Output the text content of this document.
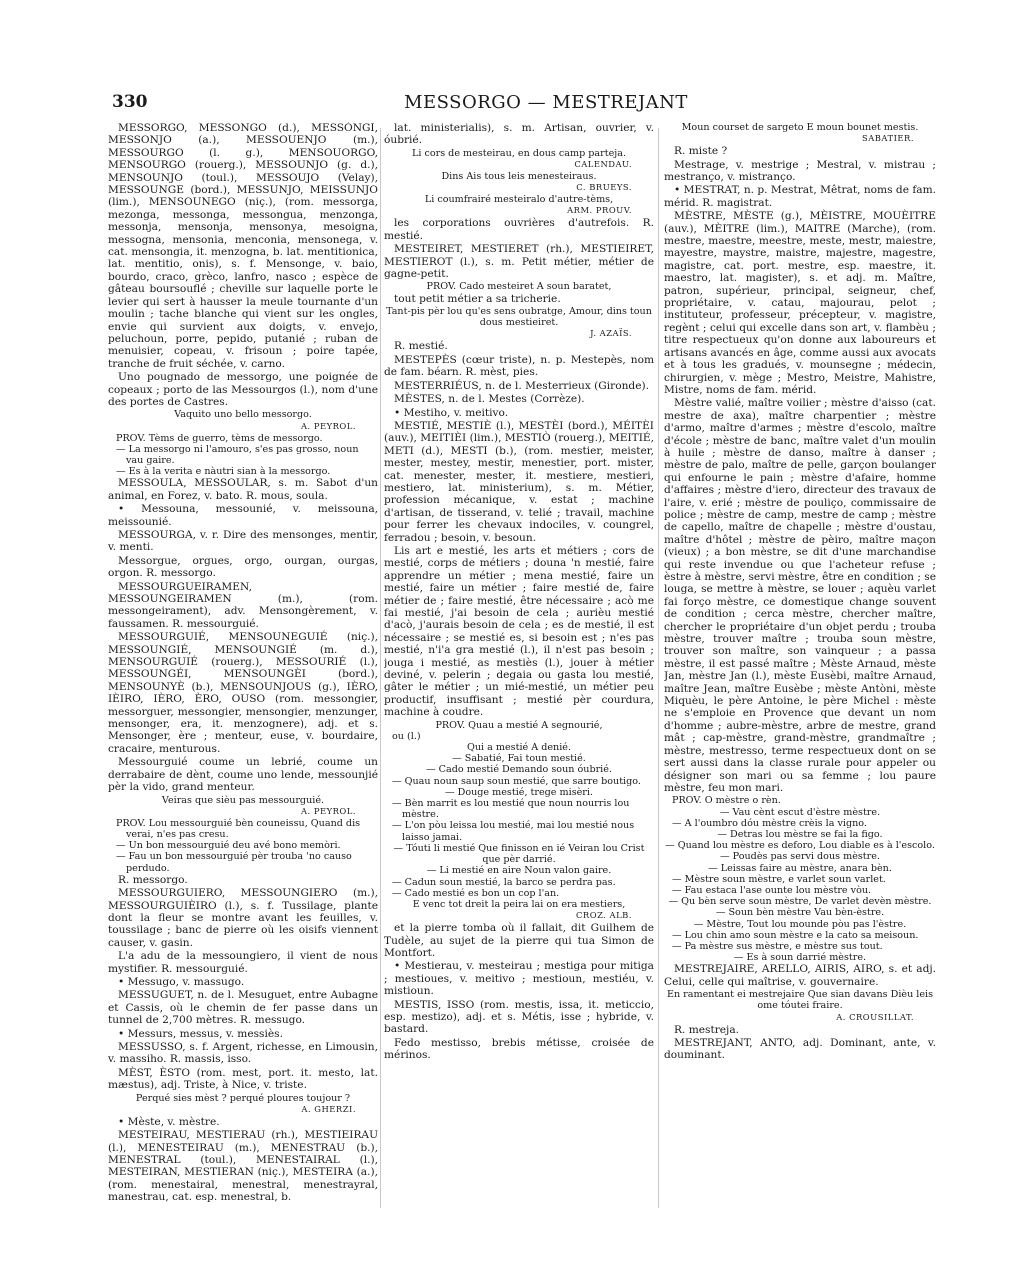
330	MESSORGO — MESTREJANT

MESSORGO, MESSONGO (d.), MESSÒNGI, MESSONJO (a.), MESSOUENJO (m.), MESSOURGO (l. g.), MENSOUORGO, MENSOURGO (rouerg.), MESSOUNJO (g. d.), MENSOUNJO (toul.), MESSOUJO (Velay), MESSOUNGE (bord.), MESSUNJO, MEISSUNJO (lim.), MENSOUNEGO (niç.), (rom. messorga, mezonga, messonga, messongua, menzonga, messonja, mensonja, mensonya, mesoigna, messogna, mensonia, menconia, mensonega, v. cat. mensongia, it. menzogna, b. lat. mentitionica, lat. mentitio, onis), s. f. Mensonge, v. baio, bourdo, craco, grèco, lanfro, nasco ; espèce de gâteau boursouflé ; cheville sur laquelle porte le levier qui sert à hausser la meule tournante d'un moulin ; tache blanche qui vient sur les ongles, envie qui survient aux doigts, v. envejo, peluchoun, porre, pepido, putanié ; ruban de menuisier, copeau, v. frisoun ; poire tapée, tranche de fruit séchée, v. carno.

Uno pougnado de messorgo, une poignée de copeaux ; porto de las Messourgos (l.), nom d'une des portes de Castres.

Vaquito uno bello messorgo.

A. PEYROL.

PROV. Tèms de guerro, tèms de messorgo.

— La messorgo ni l'amouro, s'es pas grosso, noun vau gaire.

— Es à la verita e nàutri sian à la messorgo.

MESSOULA, MESSOULAR, s. m. Sabot d'un animal, en Forez, v. bato. R. mous, soula.

• Messouna, messounié, v. meissouna, meissounié.

MESSOURGA, v. r. Dire des mensonges, mentir, v. menti.

Messorgue, orgues, orgo, ourgan, ourgas, orgon. R. messorgo.

MESSOURGUEIRAMEN, MESSOUNGEIRAMEN (m.), (rom. messongeirament), adv. Mensongèrement, v. faussamen. R. messourguié.

MESSOURGUIÉ, MENSOUNEGUIÉ (niç.), MESSOUNGIÉ, MENSOUNGIÉ (m. d.), MENSOURGUIÉ (rouerg.), MESSOURIÉ (l.), MESSOUNGÉI, MENSOUNGÈI (bord.), MENSOUNYÈ (b.), MENSOUNJOUS (g.), IÈRO, IÈIRO, IÈRO, ÈRO, OUSO (rom. messongier, messorguer, messongier, mensongier, menzunger, mensonger, era, it. menzognere), adj. et s. Mensonger, ère ; menteur, euse, v. bourdaire, cracaire, menturous.

Messourguié coume un lebrié, coume un derrabaire de dènt, coume uno lende, messounjié pèr la vido, grand menteur.

Veiras que sièu pas messourguié.

A. PEYROL.

PROV. Lou messourguié bèn couneissu, Quand dis verai, n'es pas cresu.

— Un bon messourguié deu avé bono memòri.

— Fau un bon messourguié pèr trouba 'no causo perdudo.

R. messorgo.

MESSOURGUIERO, MESSOUNGIERO (m.), MESSOURGUIÈIRO (l.), s. f. Tussilage, plante dont la fleur se montre avant les feuilles, v. toussilage ; banc de pierre où les oisifs viennent causer, v. gasin.

L'a adu de la messoungiero, il vient de nous mystifier. R. messourguié.

• Messugo, v. massugo.

MESSUGUET, n. de l. Mesuguet, entre Aubagne et Cassis, où le chemin de fer passe dans un tunnel de 2,700 mètres. R. messugo.

• Messurs, messus, v. messiès.

MESSUSSO, s. f. Argent, richesse, en Limousin, v. massiho. R. massis, isso.

MÈST, ÈSTO (rom. mest, port. it. mesto, lat. mæstus), adj. Triste, à Nice, v. triste.

Perqué sies mèst ? perqué ploures toujour ?

A. GHERZI.

• Mèste, v. mèstre.

MESTEIRAU, MESTIERAU (rh.), MESTIEIRAU (l.), MENESTEIRAU (m.), MENESTRAU (b.), MENESTRAL (toul.), MENESTAIRAL (l.), MESTEIRAN, MESTIERAN (niç.), MESTEIRA (a.), (rom. menestairal, menestral, menestrayral, manestrau, cat. esp. menestral, b.

lat. ministerialis), s. m. Artisan, ouvrier, v. óubrié.

Li cors de mesteirau, en dous camp parteja.

CALENDAU.

Dins Ais tous leis menesteiraus.

C. BRUEYS.

Li coumfrairé mesteiralo d'autre-tèms,

ARM. PROUV.

les corporations ouvrières d'autrefois. R. mestié.

MESTEIRET, MESTIERET (rh.), MESTIEIRET, MESTIEROT (l.), s. m. Petit métier, métier de gagne-petit.

PROV. Cado mesteiret A soun baratet,

tout petit métier a sa tricherie.

Tant-pis pèr lou qu'es sens oubratge, Amour, dins toun dous mestieiret.

J. AZAÏS.

R. mestié.

MESTEPÈS (cœur triste), n. p. Mestepès, nom de fam. béarn. R. mèst, pies.

MESTERRIÉUS, n. de l. Mesterrieux (Gironde).

MÈSTES, n. de l. Mestes (Corrèze).

• Mestiho, v. meitivo.

MESTIÉ, MESTIÈ (l.), MESTÈI (bord.), MÉITÈI (auv.), MEITIÈI (lim.), MESTIÒ (rouerg.), MEITIÉ, METI (d.), MESTI (b.), (rom. mestier, meister, mester, mestey, mestir, menestier, port. mister, cat. menester, mester, it. mestiere, mestieri, mestiero, lat. ministerium), s. m. Métier, profession mécanique, v. estat ; machine d'artisan, de tisserand, v. telié ; travail, machine pour ferrer les chevaux indociles, v. coungrel, ferradou ; besoin, v. besoun.

Lis art e mestié, les arts et métiers ; cors de mestié, corps de métiers ; douna 'n mestié, faire apprendre un métier ; mena mestié, faire un mestié, faire un métier ; faire mestié de, faire métier de ; faire mestié, être nécessaire ; acò me fai mestié, j'ai besoin de cela ; aurièu mestié d'acò, j'aurais besoin de cela ; es de mestié, il est nécessaire ; se mestié es, si besoin est ; n'es pas mestié, n'i'a gra mestié (l.), il n'est pas besoin ; jouga i mestié, as mestiès (l.), jouer à métier deviné, v. pelerin ; degaia ou gasta lou mestié, gâter le métier ; un mié-mestié, un métier peu productif, insuffisant ; mestié pèr courdura, machine à coudre.

PROV. Quau a mestié A segnourié,

ou (l.)

Qui a mestié A denié.

— Sabatié, Fai toun mestié.

— Cado mestié Demando soun óubrié.

— Quau noun saup soun mestié, que sarre boutigo.

— Douge mestié, trege misèri.

— Bèn marrit es lou mestié que noun nourris lou mèstre.

— L'on pòu leissa lou mestié, mai lou mestié nous laisso jamai.

— Tóuti li mestié Que finisson en ié Veiran lou Crist que pèr darrié.

— Li mestié en aire Noun valon gaire.

— Cadun soun mestié, la barco se perdra pas.

— Cado mestié es bon un cop l'an.

E venc tot dreit la peira lai on era mestiers,

CROZ. ALB.

et la pierre tomba où il fallait, dit Guilhem de Tudèle, au sujet de la pierre qui tua Simon de Montfort.

• Mestierau, v. mesteirau ; mestiga pour mitiga ; mestioues, v. meitivo ; mestioun, mestiéu, v. mistioun.

MESTIS, ISSO (rom. mestis, issa, it. meticcio, esp. mestizo), adj. et s. Métis, isse ; hybride, v. bastard.

Fedo mestisso, brebis métisse, croisée de mérinos.

Moun courset de sargeto E moun bounet mestis.

SABATIER.

R. miste ?

Mestrage, v. mestrige ; Mestral, v. mistrau ; mestranço, v. mistranço.

• MESTRAT, n. p. Mestrat, Mêtrat, noms de fam. mérid. R. magistrat.

MÈSTRE, MÈSTE (g.), MÈISTRE, MOUÈITRE (auv.), MÈITRE (lim.), MAITRE (Marche), (rom. mestre, maestre, meestre, meste, mestr, maiestre, mayestre, maystre, maistre, majestre, magestre, magistre, cat. port. mestre, esp. maestre, it. maestro, lat. magister), s. et adj. m. Maître, patron, supérieur, principal, seigneur, chef, propriétaire, v. catau, majourau, pelot ; instituteur, professeur, précepteur, v. magistre, regènt ; celui qui excelle dans son art, v. flambèu ; titre respectueux qu'on donne aux laboureurs et artisans avancés en âge, comme aussi aux avocats et à tous les gradués, v. mounsegne ; médecin, chirurgien, v. mège ; Mestro, Meistre, Mahistre, Mistre, noms de fam. mérid.

Mèstre valié, maître voilier ; mèstre d'aisso (cat. mestre de axa), maître charpentier ; mèstre d'armo, maître d'armes ; mèstre d'escolo, maître d'école ; mèstre de banc, maître valet d'un moulin à huile ; mèstre de danso, maître à danser ; mèstre de palo, maître de pelle, garçon boulanger qui enfourne le pain ; mèstre d'afaire, homme d'affaires ; mèstre d'iero, directeur des travaux de l'aire, v. erié ; mèstre de pouliço, commissaire de police ; mèstre de camp, mestre de camp ; mèstre de capello, maître de chapelle ; mèstre d'oustau, maître d'hôtel ; mèstre de pèiro, maître maçon (vieux) ; a bon mèstre, se dit d'une marchandise qui reste invendue ou que l'acheteur refuse ; èstre à mèstre, servi mèstre, être en condition ; se louga, se mettre à mèstre, se louer ; aquèu varlet fai forço mèstre, ce domestique change souvent de condition ; cerca mèstre, chercher maître, chercher le propriétaire d'un objet perdu ; trouba mèstre, trouver maître ; trouba soun mèstre, trouver son maître, son vainqueur ; a passa mèstre, il est passé maître ; Mèste Arnaud, mèste Jan, mèstre Jan (l.), mèste Eusèbi, maître Arnaud, maître Jean, maître Eusèbe ; mèste Antòni, mèste Miquèu, le père Antoine, le père Michel : mèste ne s'emploie en Provence que devant un nom d'homme ; aubre-mèstre, arbre de mestre, grand mât ; cap-mèstre, grand-mèstre, grandmaître ; mèstre, mestresso, terme respectueux dont on se sert aussi dans la classe rurale pour appeler ou désigner son mari ou sa femme ; lou paure mèstre, feu mon mari.

PROV. O mèstre o rèn.

— Vau cènt escut d'èstre mèstre.

— A l'oumbro dóu mèstre crèis la vigno.

— Detras lou mèstre se fai la figo.

— Quand lou mèstre es deforo, Lou diable es à l'escolo.

— Poudès pas servi dous mèstre.

— Leissas faire au mèstre, anara bèn.

— Mèstre soun mèstre, e varlet soun varlet.

— Fau estaca l'ase ounte lou mèstre vòu.

— Qu bèn serve soun mèstre, De varlet devèn mèstre.

— Soun bèn mèstre Vau bèn-èstre.

— Mèstre, Tout lou mounde pòu pas l'èstre.

— Lou chin amo soun mèstre e la cato sa meisoun.

— Pa mèstre sus mèstre, e mèstre sus tout.

— Es à soun darrié mèstre.

MESTREJAIRE, ARELLO, AIRIS, AIRO, s. et adj. Celui, celle qui maîtrise, v. gouvernaire.

En ramentant ei mestrejaire Que sian davans Dièu leis ome tóutei fraire.

A. CROUSILLAT.

R. mestreja.

MESTREJANT, ANTO, adj. Dominant, ante, v. douminant.
